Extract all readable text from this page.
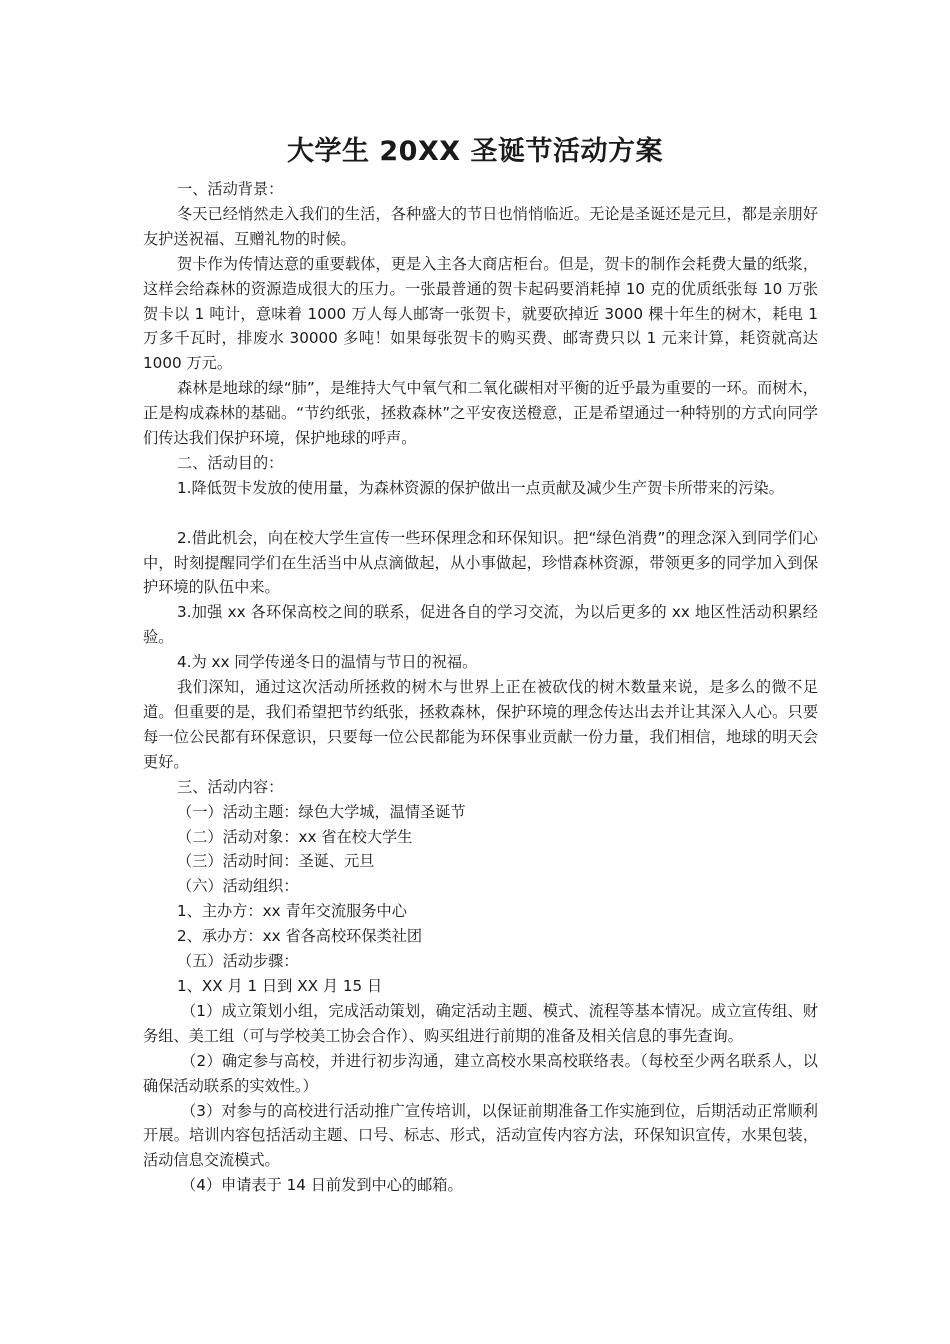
大学生 20XX 圣诞节活动方案

一、活动背景：

冬天已经悄然走入我们的生活，各种盛大的节日也悄悄临近。无论是圣诞还是元旦，都是亲朋好友护送祝福、互赠礼物的时候。

贺卡作为传情达意的重要载体，更是入主各大商店柜台。但是，贺卡的制作会耗费大量的纸浆，这样会给森林的资源造成很大的压力。一张最普通的贺卡起码要消耗掉 10 克的优质纸张每 10 万张贺卡以 1 吨计，意味着 1000 万人每人邮寄一张贺卡，就要砍掉近 3000 棵十年生的树木，耗电 1 万多千瓦时，排废水 30000 多吨！如果每张贺卡的购买费、邮寄费只以 1 元来计算，耗资就高达 1000 万元。

森林是地球的绿“肺”，是维持大气中氧气和二氧化碳相对平衡的近乎最为重要的一环。而树木，正是构成森林的基础。“节约纸张，拯救森林”之平安夜送橙意，正是希望通过一种特别的方式向同学们传达我们保护环境，保护地球的呼声。

二、活动目的：

1.降低贺卡发放的使用量，为森林资源的保护做出一点贡献及减少生产贺卡所带来的污染。

2.借此机会，向在校大学生宣传一些环保理念和环保知识。把“绿色消费”的理念深入到同学们心中，时刻提醒同学们在生活当中从点滴做起，从小事做起，珍惜森林资源，带领更多的同学加入到保护环境的队伍中来。

3.加强 xx 各环保高校之间的联系，促进各自的学习交流，为以后更多的 xx 地区性活动积累经验。

4.为 xx 同学传递冬日的温情与节日的祝福。

我们深知，通过这次活动所拯救的树木与世界上正在被砍伐的树木数量来说，是多么的微不足道。但重要的是，我们希望把节约纸张，拯救森林，保护环境的理念传达出去并让其深入人心。只要每一位公民都有环保意识，只要每一位公民都能为环保事业贡献一份力量，我们相信，地球的明天会更好。

三、活动内容：

（一）活动主题：绿色大学城，温情圣诞节

（二）活动对象：xx 省在校大学生

（三）活动时间：圣诞、元旦

（六）活动组织：

1、主办方：xx 青年交流服务中心

2、承办方：xx 省各高校环保类社团

（五）活动步骤：

1、XX 月 1 日到 XX 月 15 日

（1）成立策划小组，完成活动策划，确定活动主题、模式、流程等基本情况。成立宣传组、财务组、美工组（可与学校美工协会合作）、购买组进行前期的准备及相关信息的事先查询。

（2）确定参与高校，并进行初步沟通，建立高校水果高校联络表。（每校至少两名联系人，以确保活动联系的实效性。）

（3）对参与的高校进行活动推广宣传培训，以保证前期准备工作实施到位，后期活动正常顺利开展。培训内容包括活动主题、口号、标志、形式，活动宣传内容方法，环保知识宣传，水果包装，活动信息交流模式。

（4）申请表于 14 日前发到中心的邮箱。
